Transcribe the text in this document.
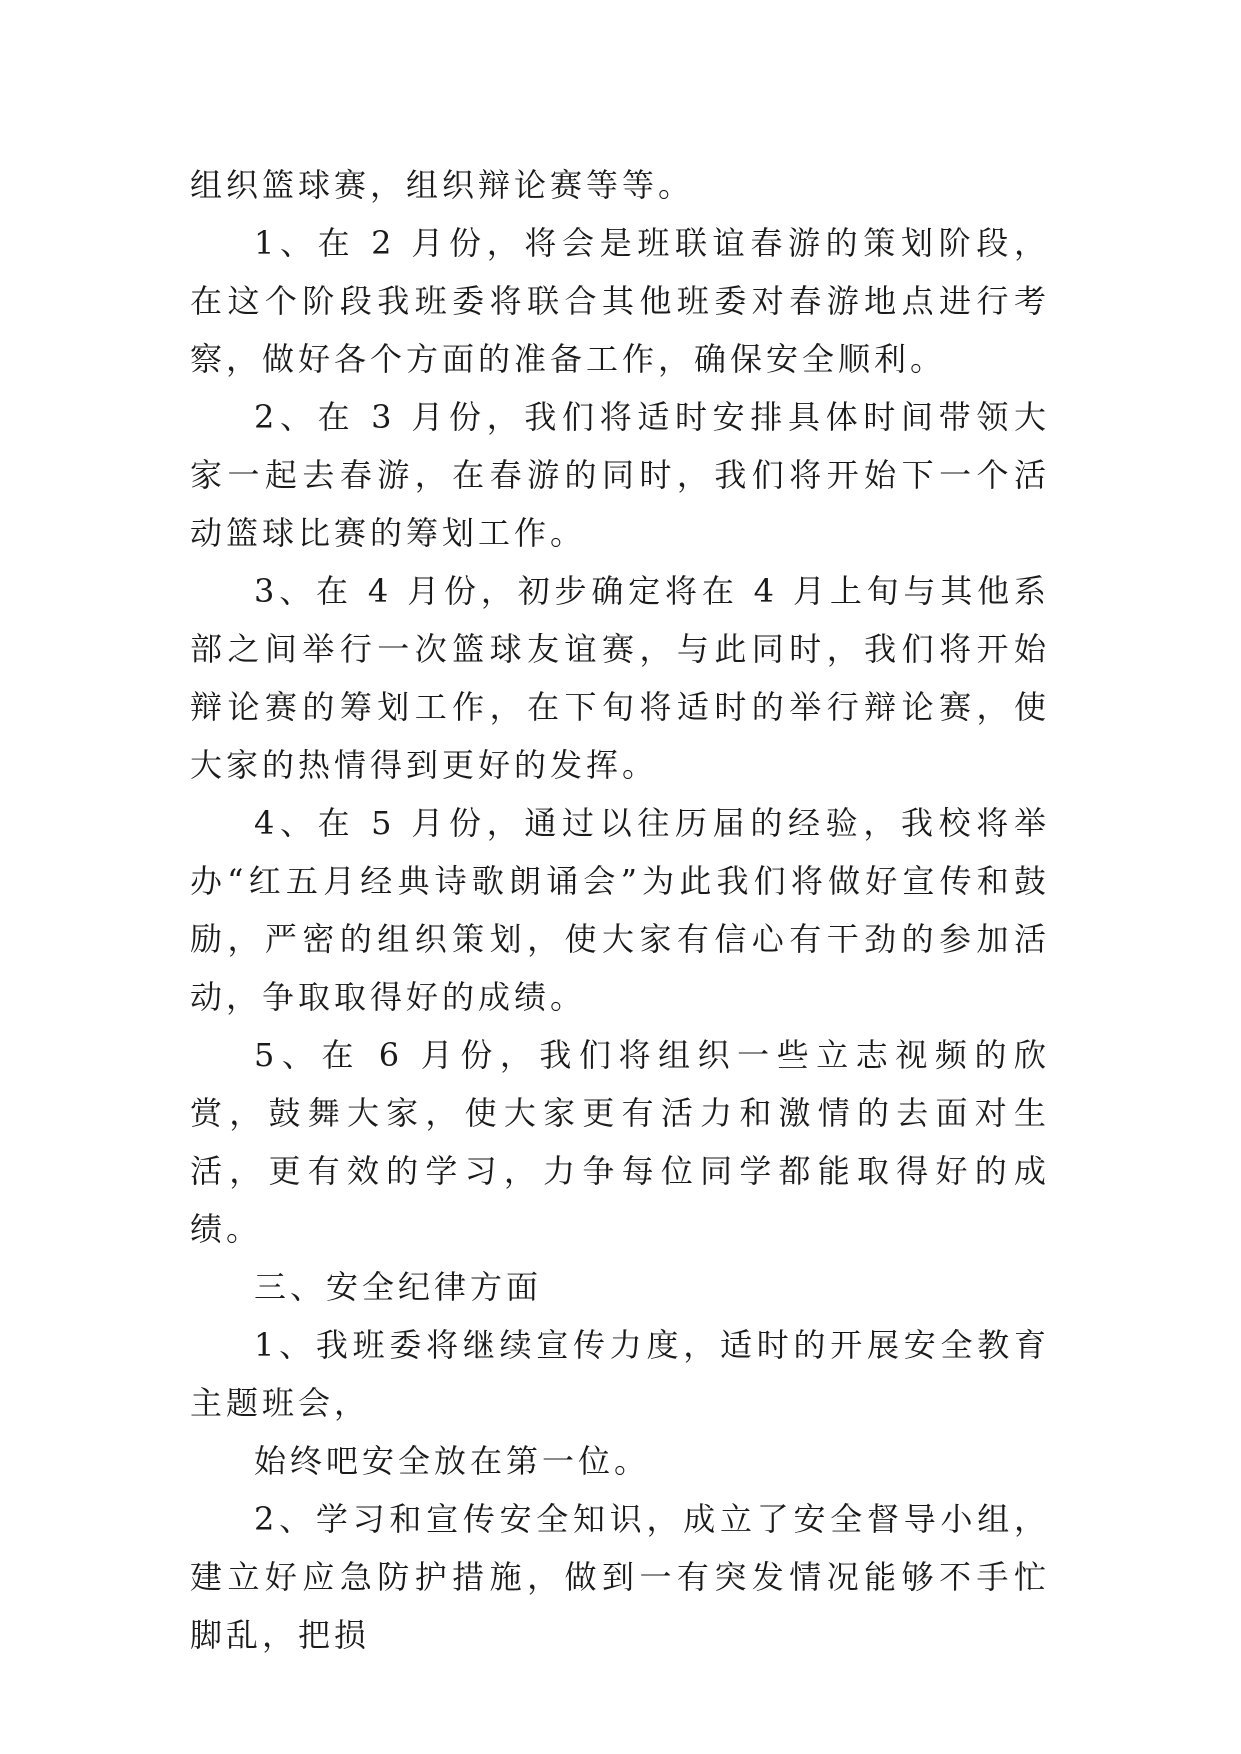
组织篮球赛，组织辩论赛等等。

1、在 2 月份，将会是班联谊春游的策划阶段，在这个阶段我班委将联合其他班委对春游地点进行考察，做好各个方面的准备工作，确保安全顺利。

2、在 3 月份，我们将适时安排具体时间带领大家一起去春游，在春游的同时，我们将开始下一个活动篮球比赛的筹划工作。

3、在 4 月份，初步确定将在 4 月上旬与其他系部之间举行一次篮球友谊赛，与此同时，我们将开始辩论赛的筹划工作，在下旬将适时的举行辩论赛，使大家的热情得到更好的发挥。

4、在 5 月份，通过以往历届的经验，我校将举办“红五月经典诗歌朗诵会”为此我们将做好宣传和鼓励，严密的组织策划，使大家有信心有干劲的参加活动，争取取得好的成绩。

5、在 6 月份，我们将组织一些立志视频的欣赏，鼓舞大家，使大家更有活力和激情的去面对生活，更有效的学习，力争每位同学都能取得好的成绩。

三、安全纪律方面

1、我班委将继续宣传力度，适时的开展安全教育主题班会，

始终吧安全放在第一位。

2、学习和宣传安全知识，成立了安全督导小组，建立好应急防护措施，做到一有突发情况能够不手忙脚乱，把损
